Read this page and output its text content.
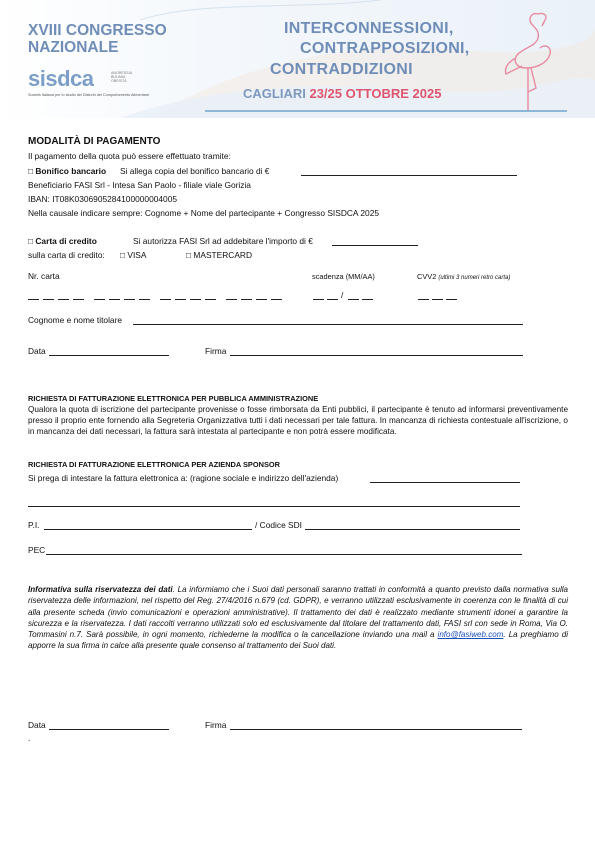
XVIII CONGRESSO
NAZIONALE
sisdca	ANORESSIA
BULIMIA
OBESITÀ
Società Italiana per lo studio dei Disturbi del Comportamento Alimentare
INTERCONNESSIONI,
CONTRAPPOSIZIONI,
CONTRADDIZIONI
CAGLIARI 23/25 OTTOBRE 2025
MODALITÀ DI PAGAMENTO
Il pagamento della quota può essere effettuato tramite:
□ Bonifico bancario Si allega copia del bonifico bancario di €
Beneficiario FASI Srl - Intesa San Paolo - filiale viale Gorizia
IBAN: IT08K0306905284100000004005
Nella causale indicare sempre: Cognome + Nome del partecipante + Congresso SISDCA 2025
□ Carta di credito	Si autorizza FASI Srl ad addebitare l'importo di €
sulla carta di credito: □ VISA	□ MASTERCARD
Nr. carta	scadenza (MM/AA)	CVV2 (ultimi 3 numeri retro carta)
/
Cognome e nome titolare
Data	Firma
RICHIESTA DI FATTURAZIONE ELETTRONICA PER PUBBLICA AMMINISTRAZIONE
Qualora la quota di iscrizione del partecipante provenisse o fosse rimborsata da Enti pubblici, il partecipante è tenuto ad informarsi preventivamente presso il proprio ente fornendo alla Segreteria Organizzativa tutti i dati necessari per tale fattura. In mancanza di richiesta contestuale all'iscrizione, o in mancanza dei dati necessari, la fattura sarà intestata al partecipante e non potrà essere modificata.
RICHIESTA DI FATTURAZIONE ELETTRONICA PER AZIENDA SPONSOR
Si prega di intestare la fattura elettronica a: (ragione sociale e indirizzo dell'azienda)
P.I.	/ Codice SDI
PEC
Informativa sulla riservatezza dei dati. La informiamo che i Suoi dati personali saranno trattati in conformità a quanto previsto dalla normativa sulla riservatezza delle informazioni, nel rispetto del Reg. 27/4/2016 n.679 (cd. GDPR), e verranno utilizzati esclusivamente in coerenza con le finalità di cui alla presente scheda (invio comunicazioni e operazioni amministrative). Il trattamento dei dati è realizzato mediante strumenti idonei a garantire la sicurezza e la riservatezza. I dati raccolti verranno utilizzati solo ed esclusivamente dal titolare del trattamento dati, FASI srl con sede in Roma, Via O. Tommasini n.7. Sarà possibile, in ogni momento, richiederne la modifica o la cancellazione inviando una mail a info@fasiweb.com. La preghiamo di apporre la sua firma in calce alla presente quale consenso al trattamento dei Suoi dati.
Data	Firma
.
